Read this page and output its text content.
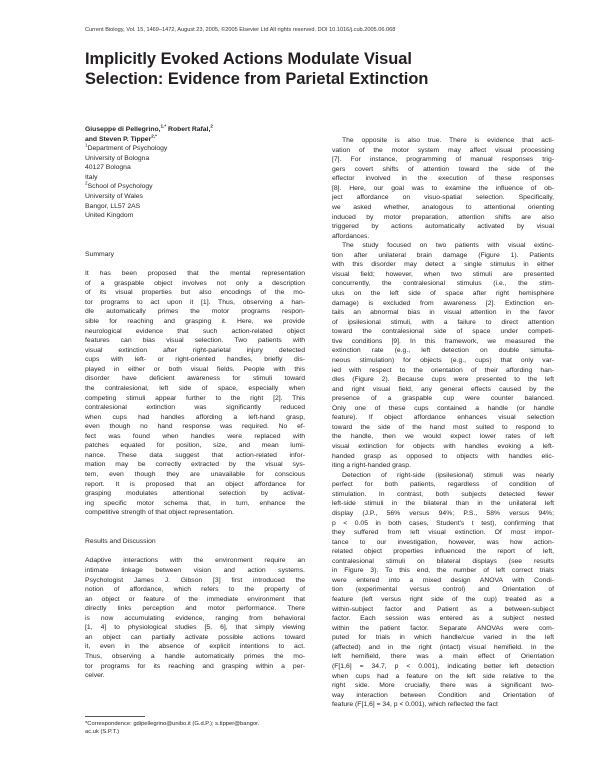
Current Biology, Vol. 15, 1469–1472, August 23, 2005, ©2005 Elsevier Ltd All rights reserved. DOI 10.1016/j.cub.2005.06.068
Implicitly Evoked Actions Modulate Visual
Selection: Evidence from Parietal Extinction
Giuseppe di Pellegrino,$^{1,*}$ Robert Rafal,$^2$
and Steven P. Tipper$^{2,*}$
$^1$Department of Psychology
University of Bologna
40127 Bologna
Italy
$^2$School of Psychology
University of Wales
Bangor, LL57 2AS
United Kingdom
Summary
It has been proposed that the mental representation
of a graspable object involves not only a description
of its visual properties but also encodings of the mo-
tor programs to act upon it [1]. Thus, observing a han-
dle automatically primes the motor programs respon-
sible for reaching and grasping it. Here, we provide
neurological evidence that such action-related object
features can bias visual selection. Two patients with
visual extinction after right-parietal injury detected
cups with left- or right-oriented handles, briefly dis-
played in either or both visual fields. People with this
disorder have deficient awareness for stimuli toward
the contralesional, left side of space, especially when
competing stimuli appear further to the right [2]. This
contralesional extinction was significantly reduced
when cups had handles affording a left-hand grasp,
even though no hand response was required. No ef-
fect was found when handles were replaced with
patches equated for position, size, and mean lumi-
nance. These data suggest that action-related infor-
mation may be correctly extracted by the visual sys-
tem, even though they are unavailable for conscious
report. It is proposed that an object affordance for
grasping modulates attentional selection by activat-
ing specific motor schema that, in turn, enhance the
competitive strength of that object representation.
Results and Discussion
Adaptive interactions with the environment require an
intimate linkage between vision and action systems.
Psychologist James J. Gibson [3] first introduced the
notion of affordance, which refers to the property of
an object or feature of the immediate environment that
directly links perception and motor performance. There
is now accumulating evidence, ranging from behavioral
[1, 4] to physiological studies [5, 6], that simply viewing
an object can partially activate possible actions toward
it, even in the absence of explicit intentions to act.
Thus, observing a handle automatically primes the mo-
tor programs for its reaching and grasping within a per-
ceiver.
*Correspondence: gdipellegrino@unibo.it (G.d.P.); s.tipper@bangor.
ac.uk (S.P.T.)
The opposite is also true. There is evidence that acti-
vation of the motor system may affect visual processing
[7]. For instance, programming of manual responses trig-
gers covert shifts of attention toward the side of the
effector involved in the execution of these responses
[8]. Here, our goal was to examine the influence of ob-
ject affordance on visuo-spatial selection. Specifically,
we asked whether, analogous to attentional orienting
induced by motor preparation, attention shifts are also
triggered by actions automatically activated by visual
affordances.
The study focused on two patients with visual extinc-
tion after unilateral brain damage (Figure 1). Patients
with this disorder may detect a single stimulus in either
visual field; however, when two stimuli are presented
concurrently, the contralesional stimulus (i.e., the stim-
ulus on the left side of space after right hemisphere
damage) is excluded from awareness [2]. Extinction en-
tails an abnormal bias in visual attention in the favor
of ipsilesional stimuli, with a failure to direct attention
toward the contralesional side of space under competi-
tive conditions [9]. In this framework, we measured the
extinction rate (e.g., left detection on double simulta-
neous stimulation) for objects (e.g., cups) that only var-
ied with respect to the orientation of their affording han-
dles (Figure 2). Because cups were presented to the left
and right visual field, any general effects caused by the
presence of a graspable cup were counter balanced.
Only one of these cups contained a handle (or handle
feature). If object affordance enhances visual selection
toward the side of the hand most suited to respond to
the handle, then we would expect lower rates of left
visual extinction for objects with handles evoking a left-
handed grasp as opposed to objects with handles elic-
iting a right-handed grasp.
Detection of right-side (ipsilesional) stimuli was nearly
perfect for both patients, regardless of condition of
stimulation. In contrast, both subjects detected fewer
left-side stimuli in the bilateral than in the unilateral left
display (J.P., 56% versus 94%; P.S., 58% versus 94%;
p < 0.05 in both cases, Student's t test), confirming that
they suffered from left visual extinction. Of most impor-
tance to our investigation, however, was how action-
related object properties influenced the report of left,
contralesional stimuli on bilateral displays (see results
in Figure 3). To this end, the number of left correct trials
were entered into a mixed design ANOVA with Condi-
tion (experimental versus control) and Orientation of
feature (left versus right side of the cup) treated as a
within-subject factor and Patient as a between-subject
factor. Each session was entered as a subject nested
within the patient factor. Separate ANOVAs were com-
puted for trials in which handle/cue varied in the left
(affected) and in the right (intact) visual hemifield. In the
left hemifield, there was a main effect of Orientation
(F[1,6] = 34.7, p < 0.001), indicating better left detection
when cups had a feature on the left side relative to the
right side. More crucially, there was a significant two-
way interaction between Condition and Orientation of
feature (F[1,6] = 34, p < 0.001), which reflected the fact
